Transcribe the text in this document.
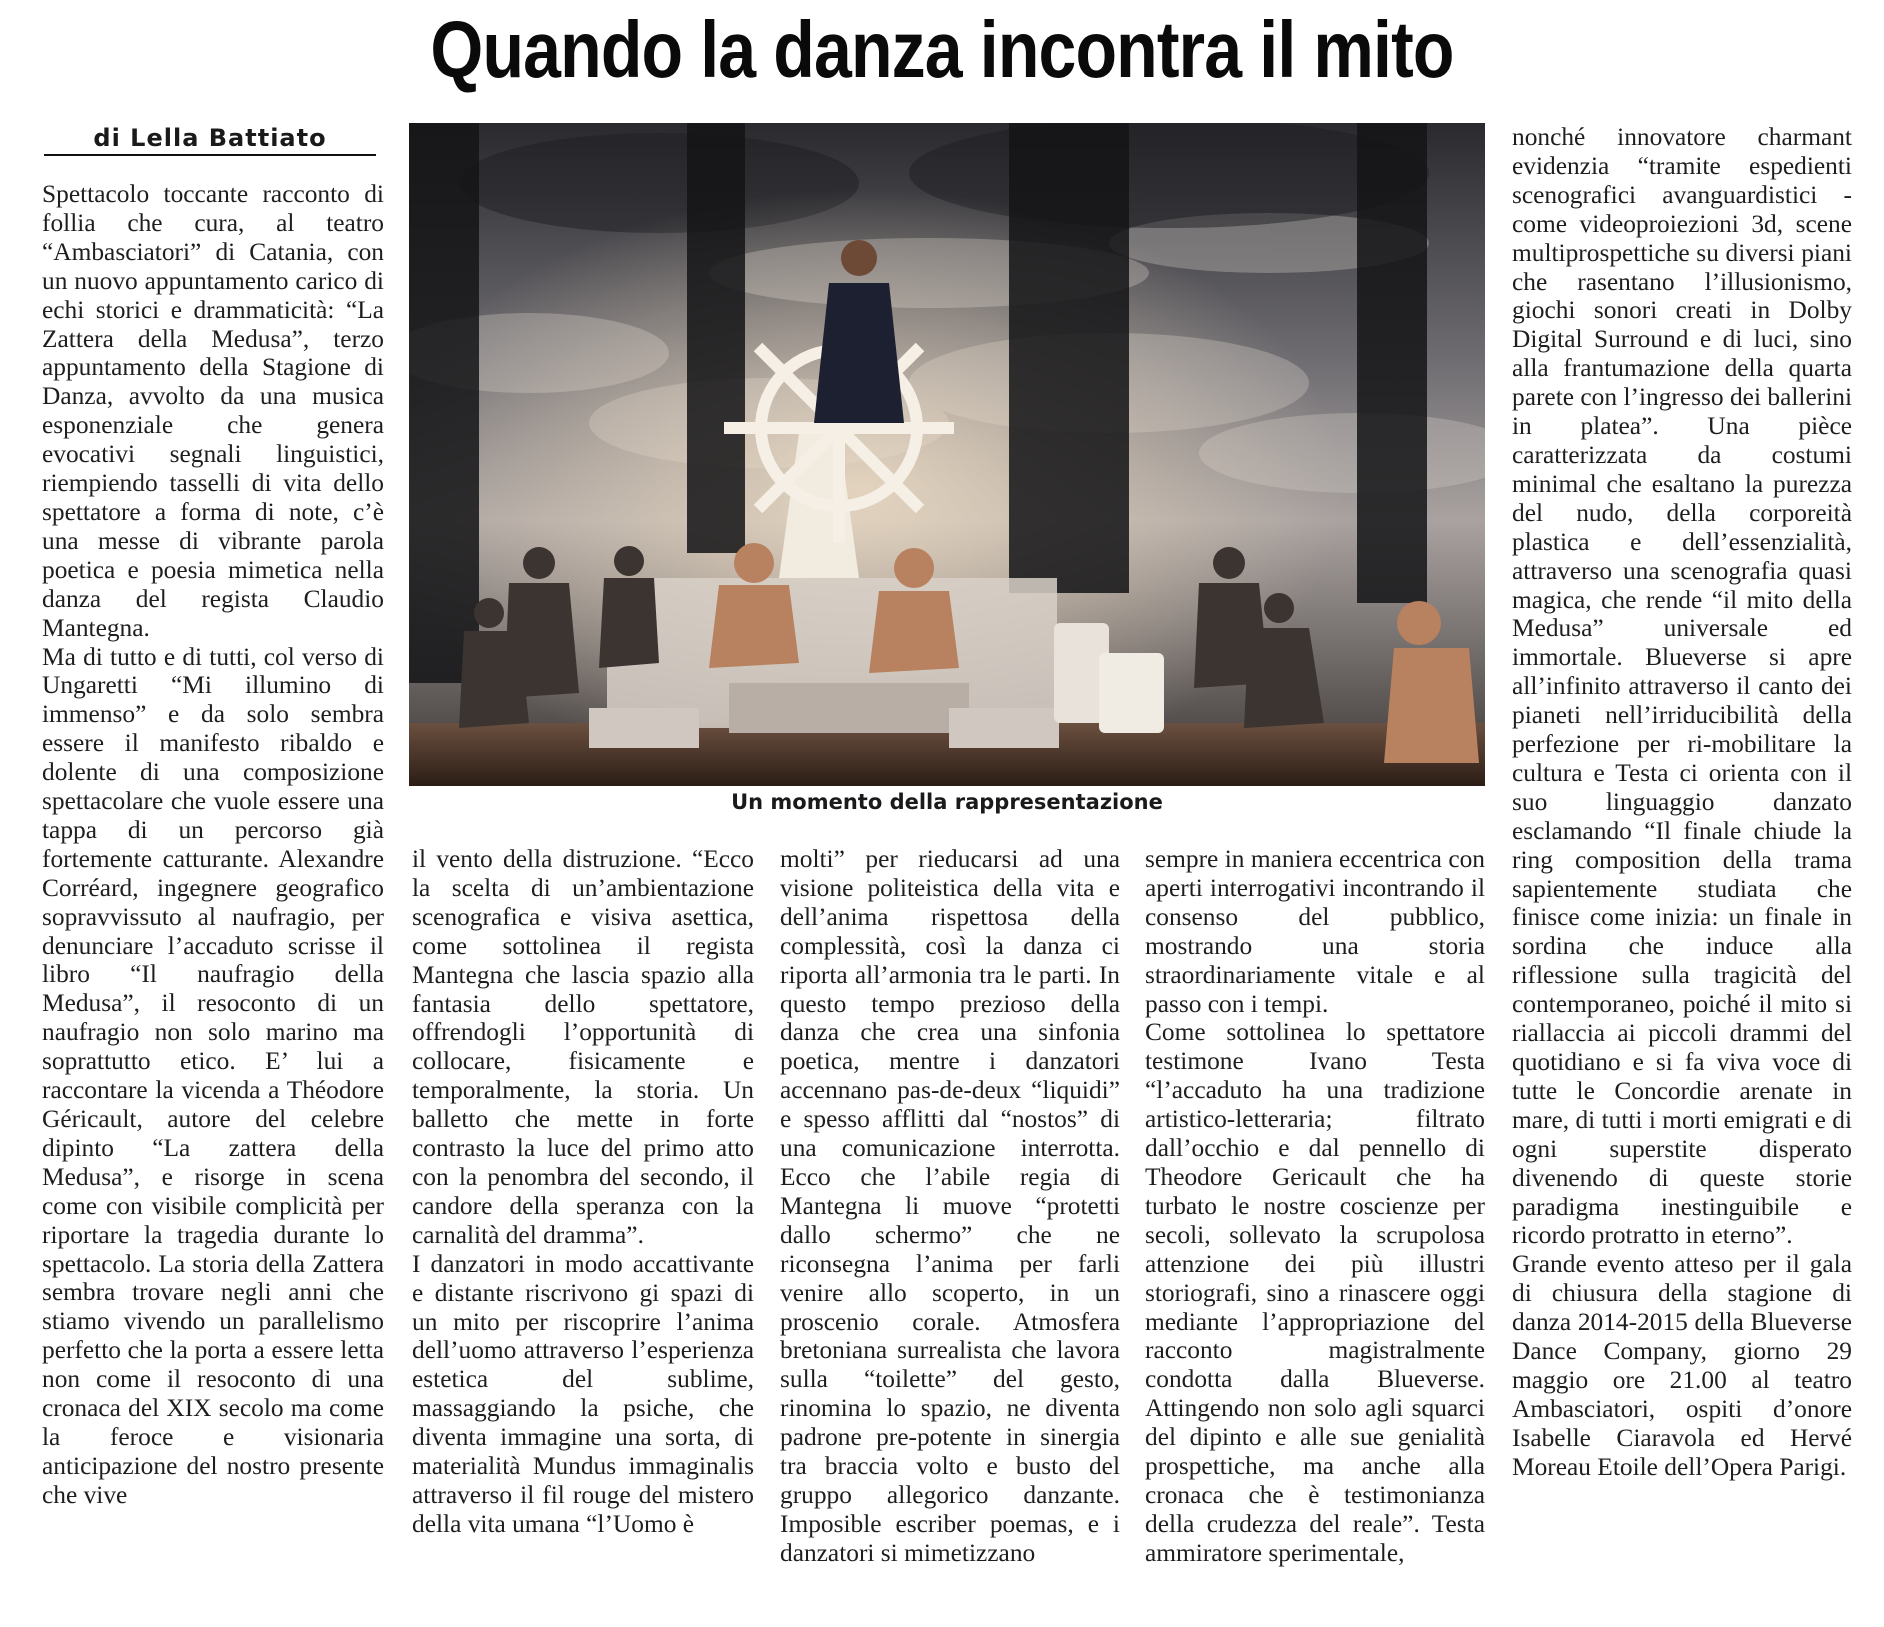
Quando la danza incontra il mito
di Lella Battiato
Un momento della rappresentazione

Spettacolo toccante racconto di follia che cura, al teatro “Ambasciatori” di Catania, con un nuovo appuntamento carico di echi storici e drammaticità: “La Zattera della Medusa”, terzo appuntamento della Stagione di Danza, avvolto da una musica esponenziale che genera evocativi segnali linguistici, riempiendo tasselli di vita dello spettatore a forma di note, c’è una messe di vibrante parola poetica e poesia mimetica nella danza del regista Claudio Mantegna.

Ma di tutto e di tutti, col verso di Ungaretti “Mi illumino di immenso” e da solo sembra essere il manifesto ribaldo e dolente di una composizione spettacolare che vuole essere una tappa di un percorso già fortemente catturante. Alexandre Corréard, ingegnere geografico sopravvissuto al naufragio, per denunciare l’accaduto scrisse il libro “Il naufragio della Medusa”, il resoconto di un naufragio non solo marino ma soprattutto etico. E’ lui a raccontare la vicenda a Théodore Géricault, autore del celebre dipinto “La zattera della Medusa”, e risorge in scena come con visibile complicità per riportare la tragedia durante lo spettacolo. La storia della Zattera sembra trovare negli anni che stiamo vivendo un parallelismo perfetto che la porta a essere letta non come il resoconto di una cronaca del XIX secolo ma come la feroce e visionaria anticipazione del nostro presente che vive

il vento della distruzione. “Ecco la scelta di un’ambientazione scenografica e visiva asettica, come sottolinea il regista Mantegna che lascia spazio alla fantasia dello spettatore, offrendogli l’opportunità di collocare, fisicamente e temporalmente, la storia. Un balletto che mette in forte contrasto la luce del primo atto con la penombra del secondo, il candore della speranza con la carnalità del dramma”.

I danzatori in modo accattivante e distante riscrivono gi spazi di un mito per riscoprire l’anima dell’uomo attraverso l’esperienza estetica del sublime, massaggiando la psiche, che diventa immagine una sorta, di materialità Mundus immaginalis attraverso il fil rouge del mistero della vita umana “l’Uomo è

molti” per rieducarsi ad una visione politeistica della vita e dell’anima rispettosa della complessità, così la danza ci riporta all’armonia tra le parti. In questo tempo prezioso della danza che crea una sinfonia poetica, mentre i danzatori accennano pas-de-deux “liquidi” e spesso afflitti dal “nostos” di una comunicazione interrotta. Ecco che l’abile regia di Mantegna li muove “protetti dallo schermo” che ne riconsegna l’anima per farli venire allo scoperto, in un proscenio corale. Atmosfera bretoniana surrealista che lavora sulla “toilette” del gesto, rinomina lo spazio, ne diventa padrone pre-potente in sinergia tra braccia volto e busto del gruppo allegorico danzante. Imposible escriber poemas, e i danzatori si mimetizzano

sempre in maniera eccentrica con aperti interrogativi incontrando il consenso del pubblico, mostrando una storia straordinariamente vitale e al passo con i tempi.

Come sottolinea lo spettatore testimone Ivano Testa “l’accaduto ha una tradizione artistico-letteraria; filtrato dall’occhio e dal pennello di Theodore Gericault che ha turbato le nostre coscienze per secoli, sollevato la scrupolosa attenzione dei più illustri storiografi, sino a rinascere oggi mediante l’appropriazione del racconto magistralmente condotta dalla Blueverse. Attingendo non solo agli squarci del dipinto e alle sue genialità prospettiche, ma anche alla cronaca che è testimonianza della crudezza del reale”. Testa ammiratore sperimentale,

nonché innovatore charmant evidenzia “tramite espedienti scenografici avanguardistici - come videoproiezioni 3d, scene multiprospettiche su diversi piani che rasentano l’illusionismo, giochi sonori creati in Dolby Digital Surround e di luci, sino alla frantumazione della quarta parete con l’ingresso dei ballerini in platea”. Una pièce caratterizzata da costumi minimal che esaltano la purezza del nudo, della corporeità plastica e dell’essenzialità, attraverso una scenografia quasi magica, che rende “il mito della Medusa” universale ed immortale. Blueverse si apre all’infinito attraverso il canto dei pianeti nell’irriducibilità della perfezione per ri-mobilitare la cultura e Testa ci orienta con il suo linguaggio danzato esclamando “Il finale chiude la ring composition della trama sapientemente studiata che finisce come inizia: un finale in sordina che induce alla riflessione sulla tragicità del contemporaneo, poiché il mito si riallaccia ai piccoli drammi del quotidiano e si fa viva voce di tutte le Concordie arenate in mare, di tutti i morti emigrati e di ogni superstite disperato divenendo di queste storie paradigma inestinguibile e ricordo protratto in eterno”.

Grande evento atteso per il gala di chiusura della stagione di danza 2014-2015 della Blueverse Dance Company, giorno 29 maggio ore 21.00 al teatro Ambasciatori, ospiti d’onore Isabelle Ciaravola ed Hervé Moreau Etoile dell’Opera Parigi.
